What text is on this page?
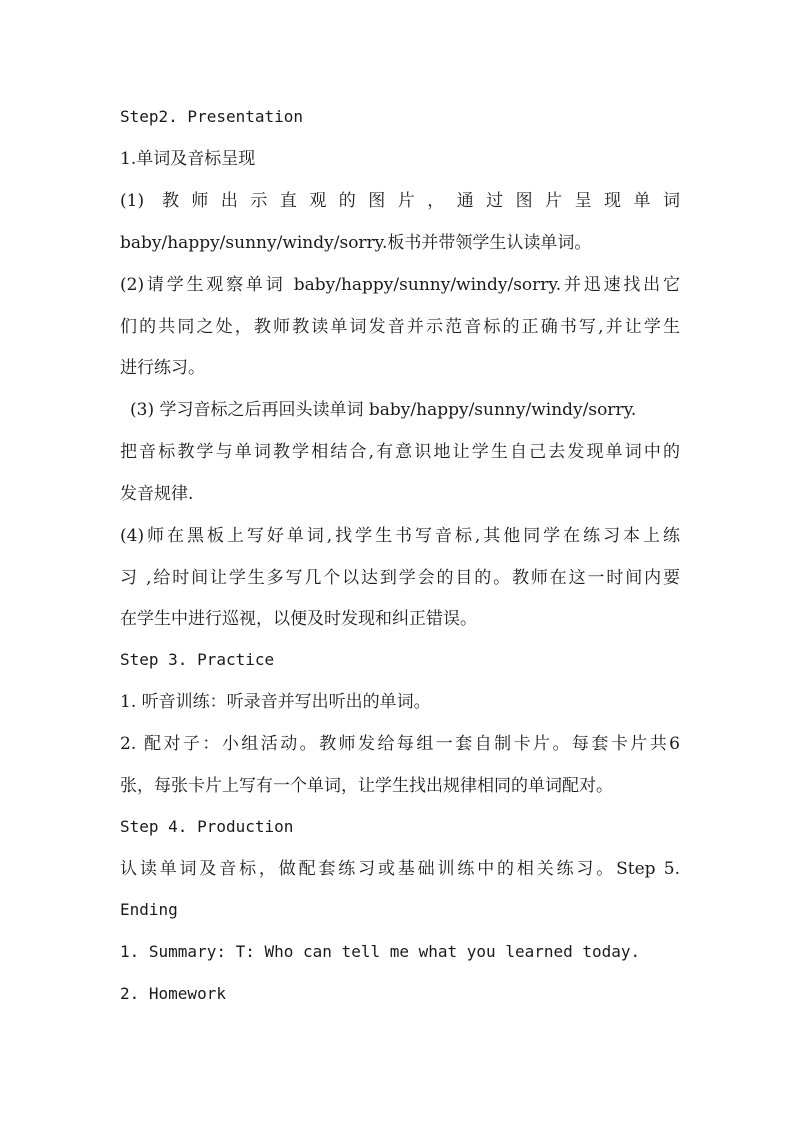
Step2. Presentation
1.单词及音标呈现
(1) 教师出示直观的图片，通过图片呈现单词
baby/happy/sunny/windy/sorry.板书并带领学生认读单词。
(2)请学生观察单词 baby/happy/sunny/windy/sorry.并迅速找出它
们的共同之处，教师教读单词发音并示范音标的正确书写,并让学生
进行练习。
(3) 学习音标之后再回头读单词 baby/happy/sunny/windy/sorry.
把音标教学与单词教学相结合,有意识地让学生自己去发现单词中的
发音规律.
(4)师在黑板上写好单词,找学生书写音标,其他同学在练习本上练
习 ,给时间让学生多写几个以达到学会的目的。教师在这一时间内要
在学生中进行巡视，以便及时发现和纠正错误。
Step 3. Practice
1. 听音训练：听录音并写出听出的单词。
2. 配对子：小组活动。教师发给每组一套自制卡片。每套卡片共6
张，每张卡片上写有一个单词，让学生找出规律相同的单词配对。
Step 4. Production
认读单词及音标，做配套练习或基础训练中的相关练习。Step 5.
Ending
1. Summary: T: Who can tell me what you learned today.
2. Homework
